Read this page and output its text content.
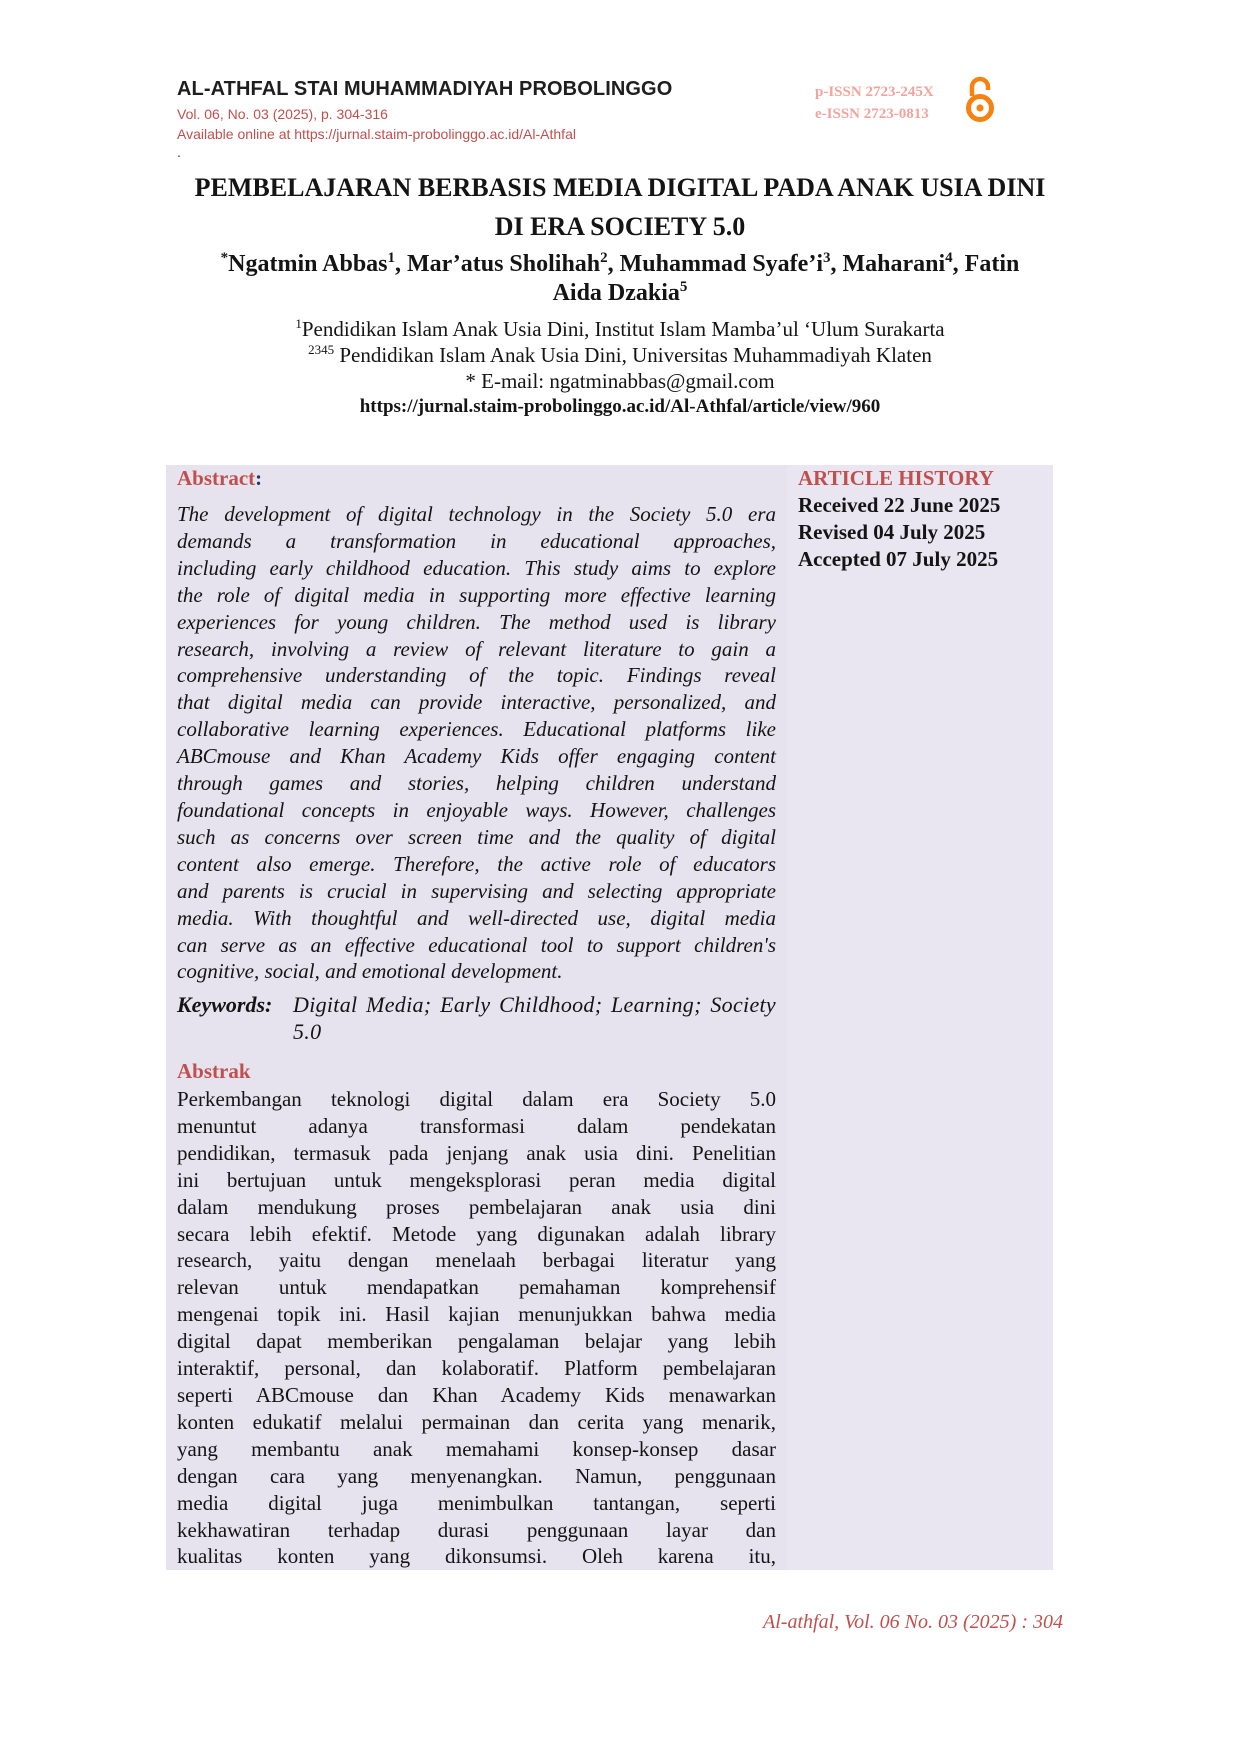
AL-ATHFAL STAI MUHAMMADIYAH PROBOLINGGO
Vol. 06, No. 03 (2025), p. 304-316
Available online at https://jurnal.staim-probolinggo.ac.id/Al-Athfal
.
p-ISSN 2723-245X
e-ISSN 2723-0813
PEMBELAJARAN BERBASIS MEDIA DIGITAL PADA ANAK USIA DINI
DI ERA SOCIETY 5.0
*Ngatmin Abbas$^1$, Mar’atus Sholihah$^2$, Muhammad $Syafe’i^3$, Maharani$^4$, Fatin
Aida Dzakia$^5$
$^1$Pendidikan Islam Anak Usia Dini, Institut Islam Mamba’ul ‘Ulum Surakarta
$^{2345}$ Pendidikan Islam Anak Usia Dini, Universitas Muhammadiyah Klaten
* E-mail: ngatminabbas@gmail.com
https://jurnal.staim-probolinggo.ac.id/Al-Athfal/article/view/960
Abstract:
The development of digital technology in the Society 5.0 era
demands a transformation in educational approaches,
including early childhood education. This study aims to explore
the role of digital media in supporting more effective learning
experiences for young children. The method used is library
research, involving a review of relevant literature to gain a
comprehensive understanding of the topic. Findings reveal
that digital media can provide interactive, personalized, and
collaborative learning experiences. Educational platforms like
ABCmouse and Khan Academy Kids offer engaging content
through games and stories, helping children understand
foundational concepts in enjoyable ways. However, challenges
such as concerns over screen time and the quality of digital
content also emerge. Therefore, the active role of educators
and parents is crucial in supervising and selecting appropriate
media. With thoughtful and well-directed use, digital media
can serve as an effective educational tool to support children's
cognitive, social, and emotional development.
Keywords: Digital Media; Early Childhood; Learning; Society 5.0
Abstrak
Perkembangan teknologi digital dalam era Society 5.0
menuntut adanya transformasi dalam pendekatan
pendidikan, termasuk pada jenjang anak usia dini. Penelitian
ini bertujuan untuk mengeksplorasi peran media digital
dalam mendukung proses pembelajaran anak usia dini
secara lebih efektif. Metode yang digunakan adalah library
research, yaitu dengan menelaah berbagai literatur yang
relevan untuk mendapatkan pemahaman komprehensif
mengenai topik ini. Hasil kajian menunjukkan bahwa media
digital dapat memberikan pengalaman belajar yang lebih
interaktif, personal, dan kolaboratif. Platform pembelajaran
seperti ABCmouse dan Khan Academy Kids menawarkan
konten edukatif melalui permainan dan cerita yang menarik,
yang membantu anak memahami konsep-konsep dasar
dengan cara yang menyenangkan. Namun, penggunaan
media digital juga menimbulkan tantangan, seperti
kekhawatiran terhadap durasi penggunaan layar dan
kualitas konten yang dikonsumsi. Oleh karena itu,
ARTICLE HISTORY
Received 22 June 2025
Revised 04 July 2025
Accepted 07 July 2025
Al-athfal, Vol. 06 No. 03 (2025) : 304
